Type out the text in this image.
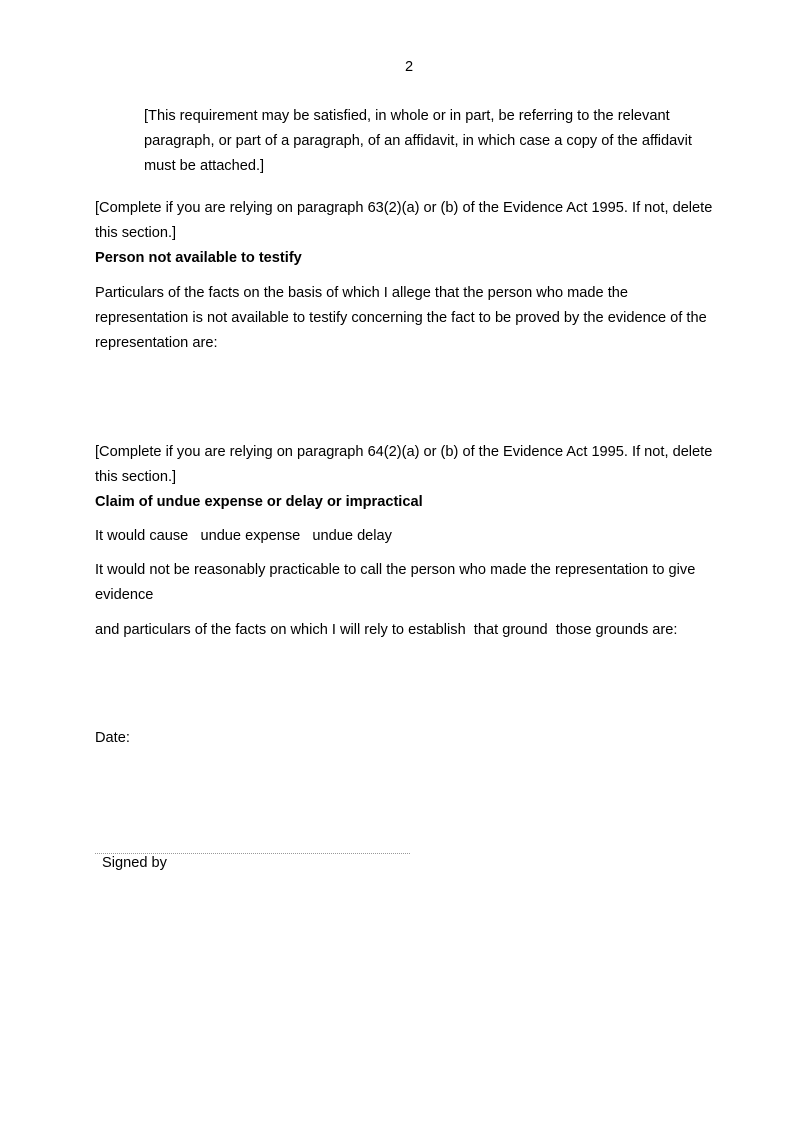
2
[This requirement may be satisfied, in whole or in part, be referring to the relevant
paragraph, or part of a paragraph, of an affidavit, in which case a copy of the affidavit
must be attached.]
[Complete if you are relying on paragraph 63(2)(a) or (b) of the Evidence Act 1995. If not, delete
this section.]
Person not available to testify
Particulars of the facts on the basis of which I allege that the person who made the
representation is not available to testify concerning the fact to be proved by the evidence of the
representation are:
[Complete if you are relying on paragraph 64(2)(a) or (b) of the Evidence Act 1995. If not, delete
this section.]
Claim of undue expense or delay or impractical
It would cause   undue expense   undue delay
It would not be reasonably practicable to call the person who made the representation to give
evidence
and particulars of the facts on which I will rely to establish  that ground  those grounds are:
Date:
Signed by
